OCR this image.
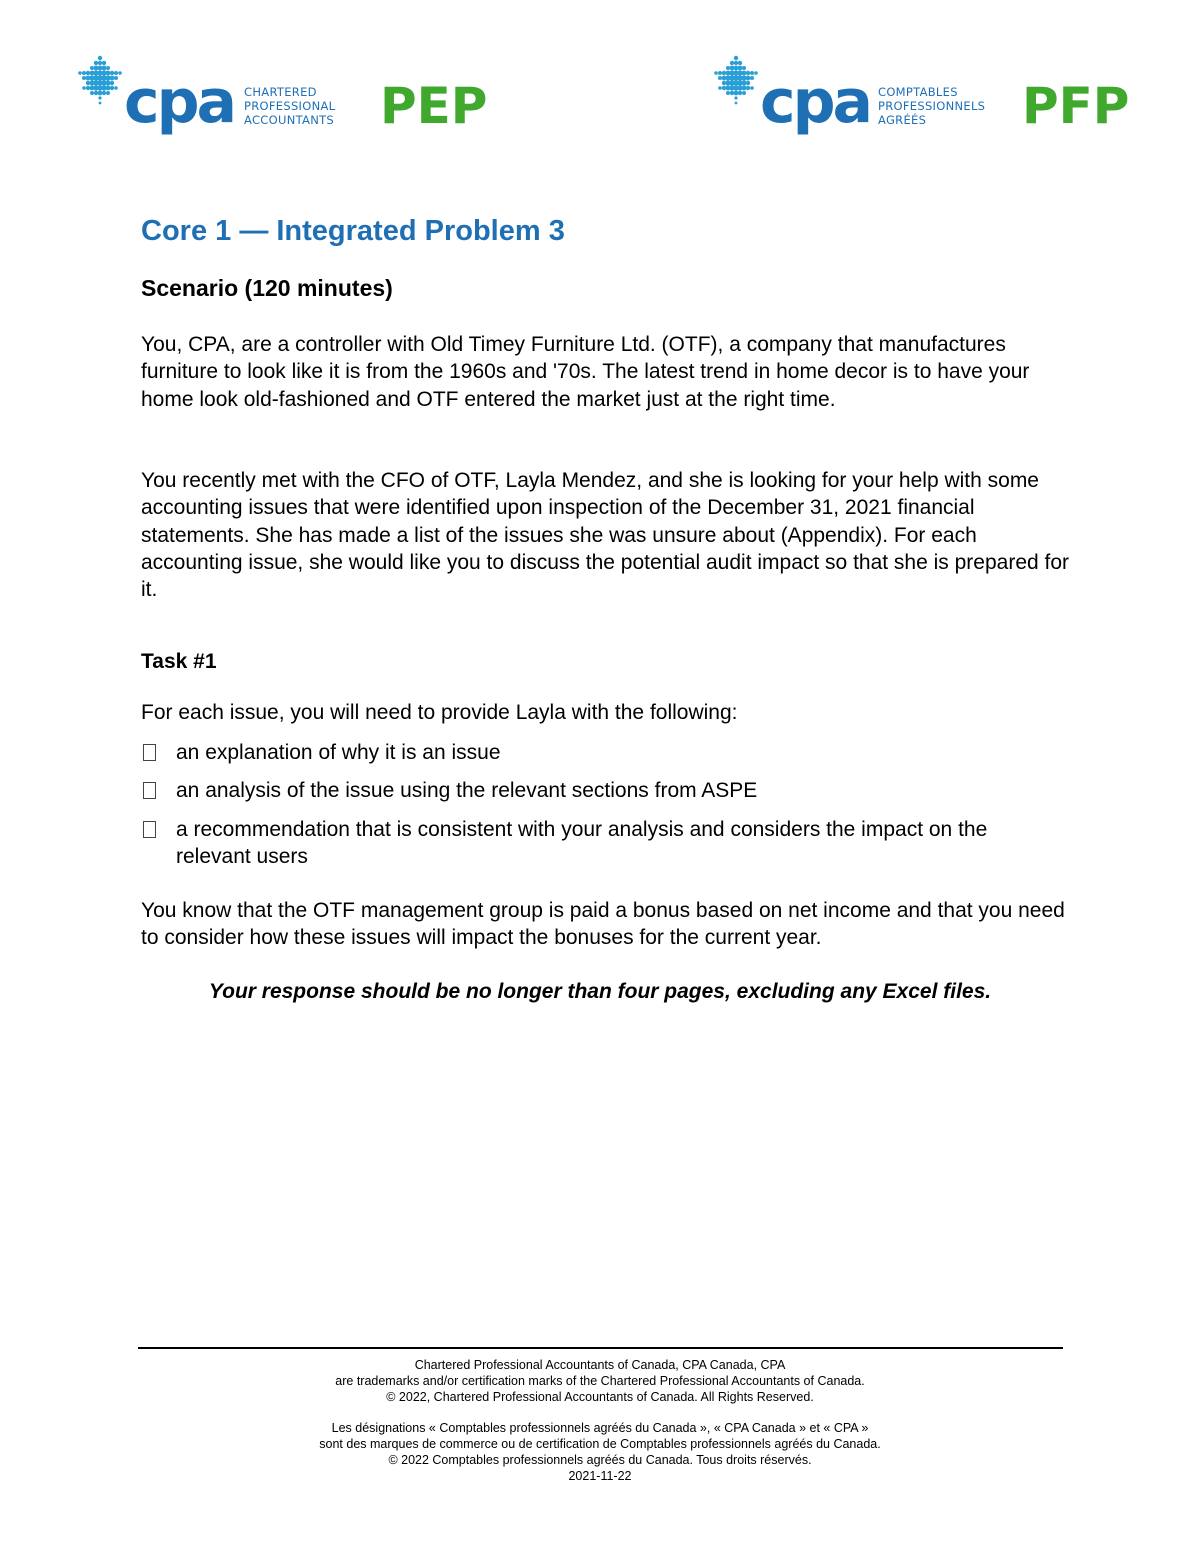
cpa CHARTERED
PROFESSIONAL
ACCOUNTANTS PEP	cpa COMPTABLES
PROFESSIONNELS
AGRÉÉS	PFP
Core 1 — Integrated Problem 3
Scenario (120 minutes)
You, CPA, are a controller with Old Timey Furniture Ltd. (OTF), a company that manufactures furniture to look like it is from the 1960s and '70s. The latest trend in home decor is to have your home look old-fashioned and OTF entered the market just at the right time.
You recently met with the CFO of OTF, Layla Mendez, and she is looking for your help with some accounting issues that were identified upon inspection of the December 31, 2021 financial statements. She has made a list of the issues she was unsure about (Appendix). For each accounting issue, she would like you to discuss the potential audit impact so that she is prepared for it.
Task #1
For each issue, you will need to provide Layla with the following:
an explanation of why it is an issue
an analysis of the issue using the relevant sections from ASPE
a recommendation that is consistent with your analysis and considers the impact on the relevant users
You know that the OTF management group is paid a bonus based on net income and that you need to consider how these issues will impact the bonuses for the current year.
Your response should be no longer than four pages, excluding any Excel files.
Chartered Professional Accountants of Canada, CPA Canada, CPA
are trademarks and/or certification marks of the Chartered Professional Accountants of Canada.
© 2022, Chartered Professional Accountants of Canada. All Rights Reserved.
Les désignations « Comptables professionnels agréés du Canada », « CPA Canada » et « CPA »
sont des marques de commerce ou de certification de Comptables professionnels agréés du Canada.
© 2022 Comptables professionnels agréés du Canada. Tous droits réservés.
2021-11-22
